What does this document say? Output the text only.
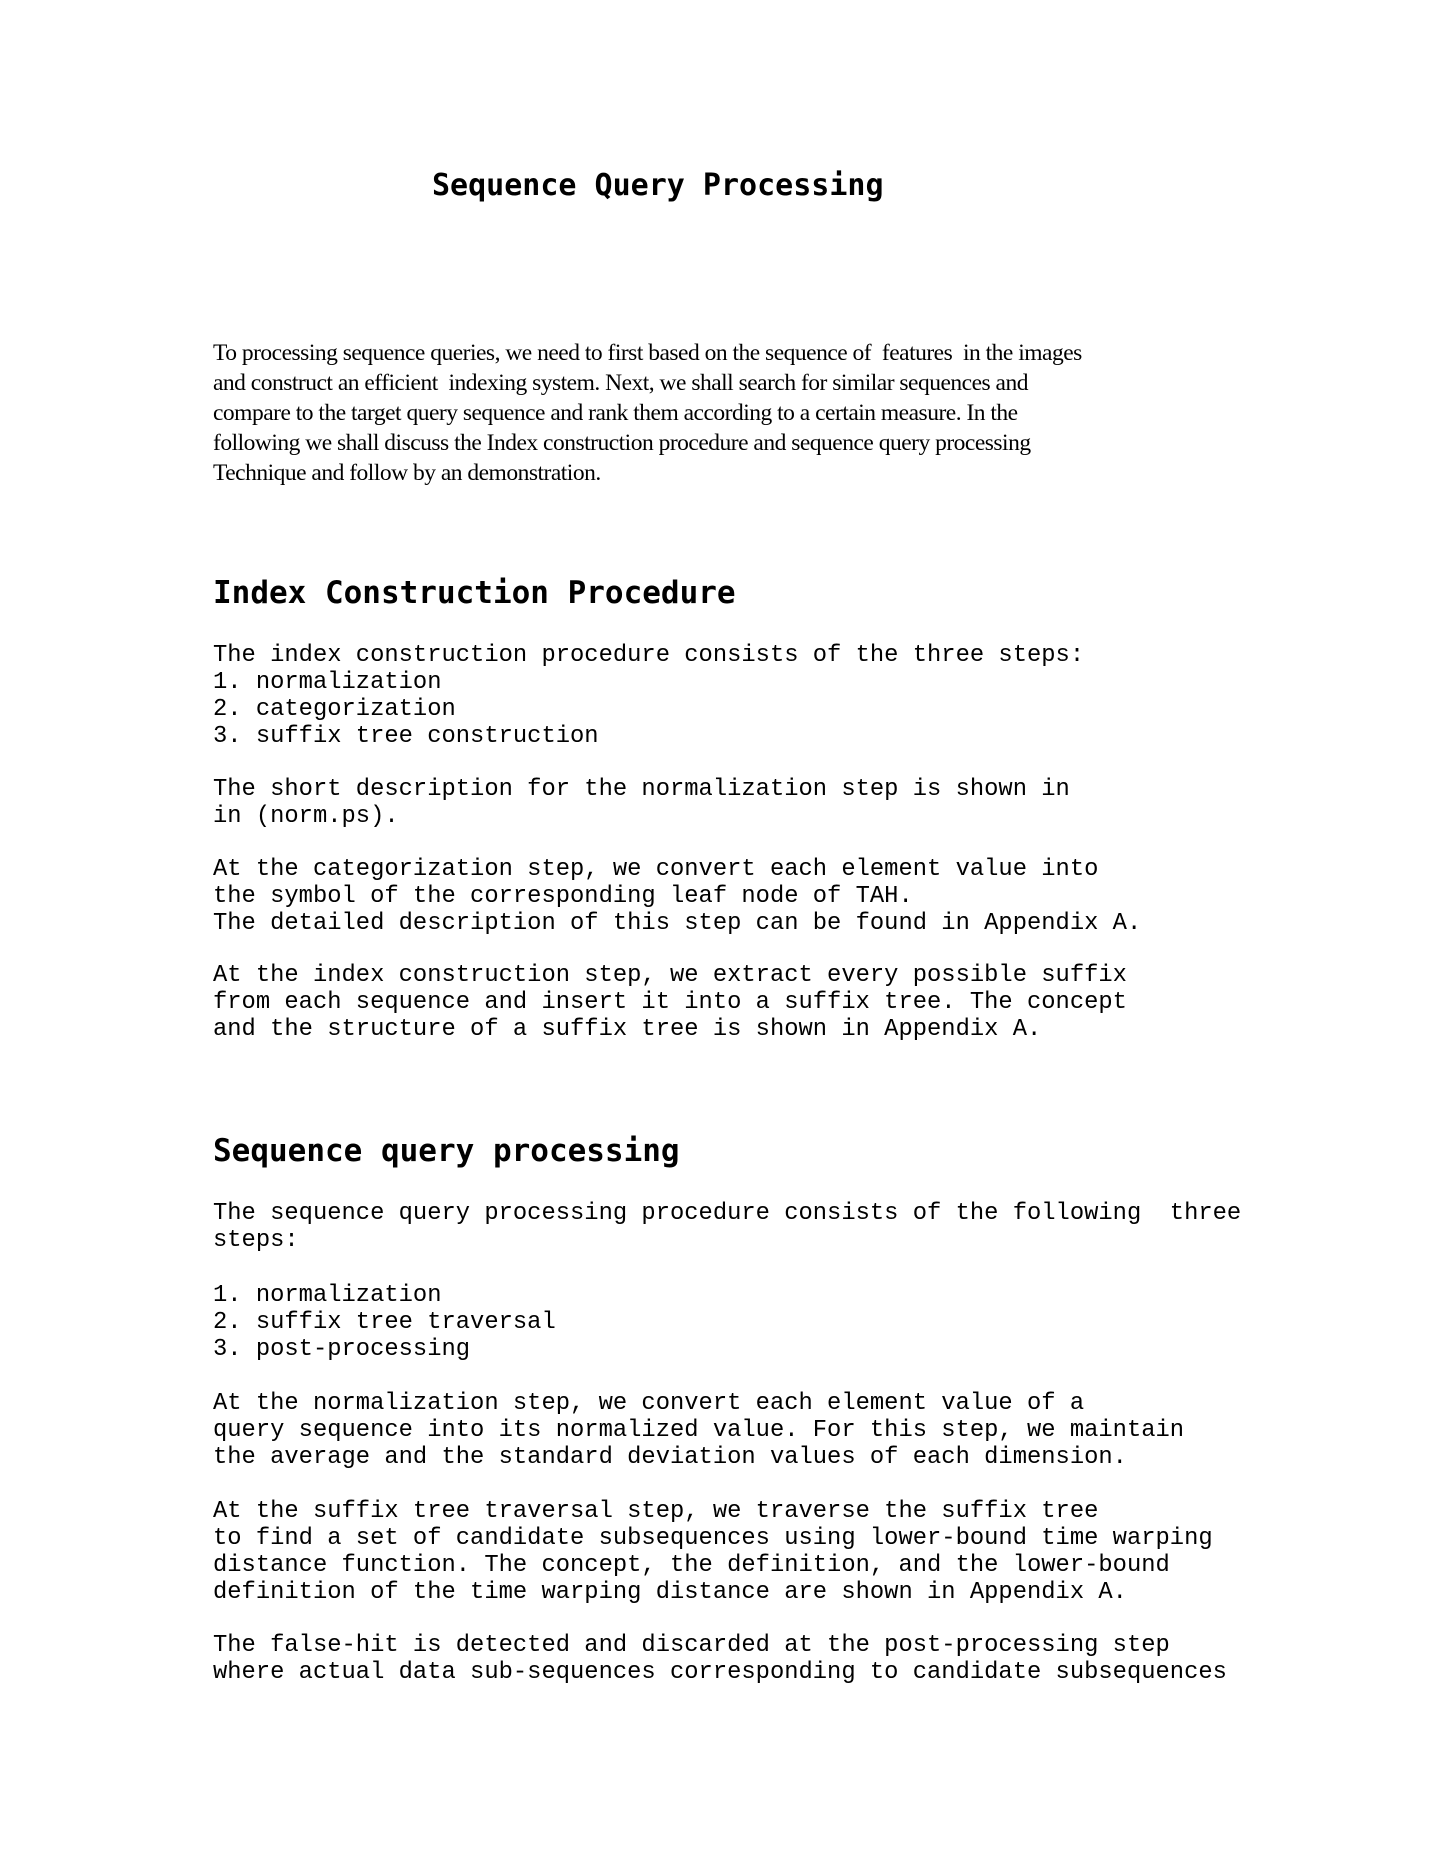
Sequence Query Processing

To processing sequence queries, we need to first based on the sequence of  features  in the images
and construct an efficient  indexing system. Next, we shall search for similar sequences and
compare to the target query sequence and rank them according to a certain measure. In the
following we shall discuss the Index construction procedure and sequence query processing
Technique and follow by an demonstration.

Index Construction Procedure
The index construction procedure consists of the three steps:
1. normalization
2. categorization
3. suffix tree construction
The short description for the normalization step is shown in
in (norm.ps).
At the categorization step, we convert each element value into
the symbol of the corresponding leaf node of TAH.
The detailed description of this step can be found in Appendix A.
At the index construction step, we extract every possible suffix
from each sequence and insert it into a suffix tree. The concept
and the structure of a suffix tree is shown in Appendix A.
Sequence query processing
The sequence query processing procedure consists of the following  three
steps:
1. normalization
2. suffix tree traversal
3. post-processing
At the normalization step, we convert each element value of a
query sequence into its normalized value. For this step, we maintain
the average and the standard deviation values of each dimension.
At the suffix tree traversal step, we traverse the suffix tree
to find a set of candidate subsequences using lower-bound time warping
distance function. The concept, the definition, and the lower-bound
definition of the time warping distance are shown in Appendix A.
The false-hit is detected and discarded at the post-processing step
where actual data sub-sequences corresponding to candidate subsequences
